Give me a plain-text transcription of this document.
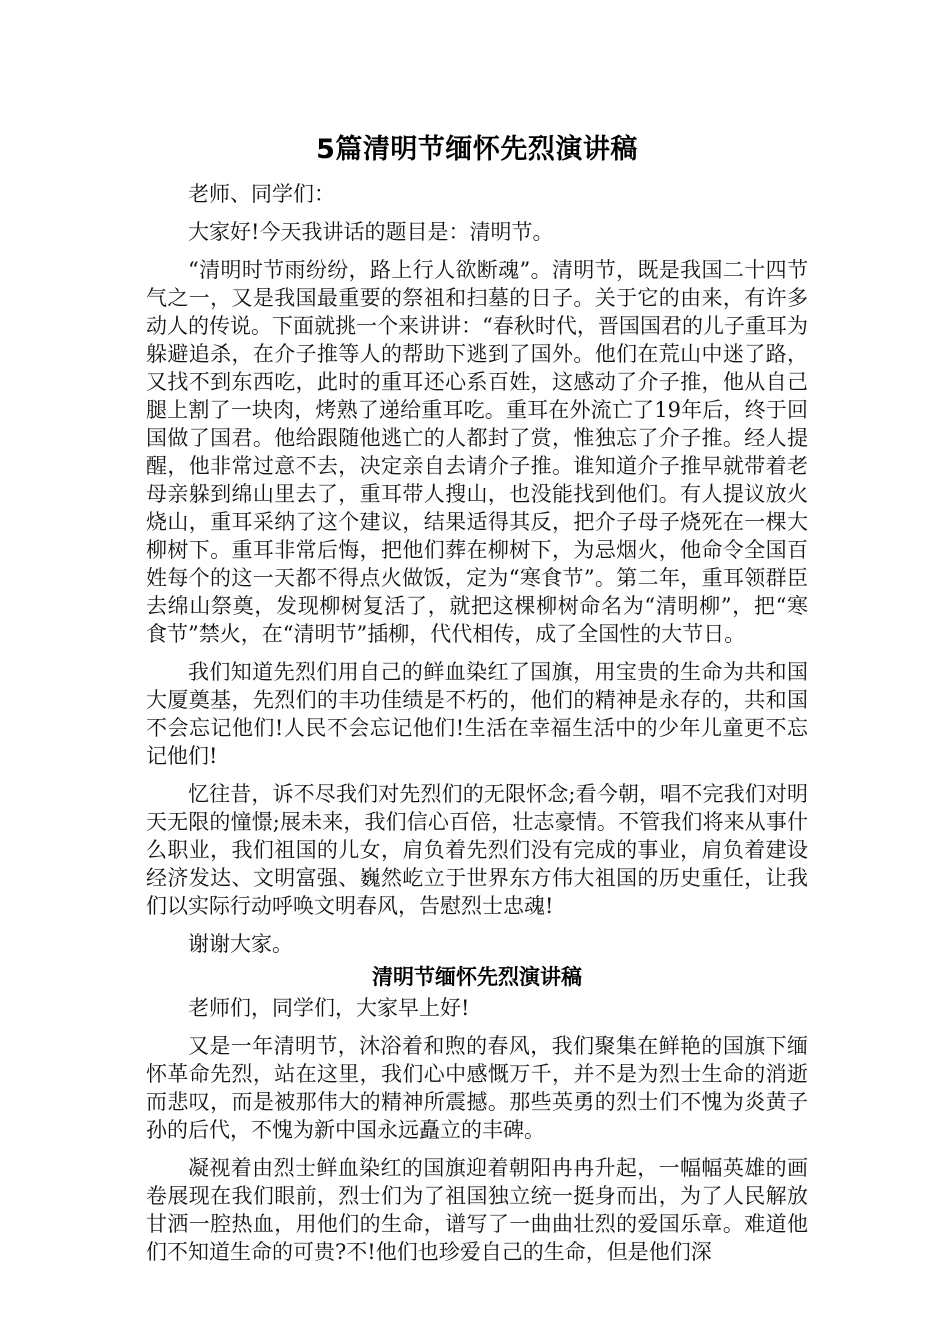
5篇清明节缅怀先烈演讲稿

老师、同学们：

大家好!今天我讲话的题目是：清明节。

“清明时节雨纷纷，路上行人欲断魂”。清明节，既是我国二十四节气之一，又是我国最重要的祭祖和扫墓的日子。关于它的由来，有许多动人的传说。下面就挑一个来讲讲：“春秋时代，晋国国君的儿子重耳为躲避追杀，在介子推等人的帮助下逃到了国外。他们在荒山中迷了路，又找不到东西吃，此时的重耳还心系百姓，这感动了介子推，他从自己腿上割了一块肉，烤熟了递给重耳吃。重耳在外流亡了19年后，终于回国做了国君。他给跟随他逃亡的人都封了赏，惟独忘了介子推。经人提醒，他非常过意不去，决定亲自去请介子推。谁知道介子推早就带着老母亲躲到绵山里去了，重耳带人搜山，也没能找到他们。有人提议放火烧山，重耳采纳了这个建议，结果适得其反，把介子母子烧死在一棵大柳树下。重耳非常后悔，把他们葬在柳树下，为忌烟火，他命令全国百姓每个的这一天都不得点火做饭，定为“寒食节”。第二年，重耳领群臣去绵山祭奠，发现柳树复活了，就把这棵柳树命名为“清明柳”，把“寒食节”禁火，在“清明节”插柳，代代相传，成了全国性的大节日。

我们知道先烈们用自己的鲜血染红了国旗，用宝贵的生命为共和国大厦奠基，先烈们的丰功佳绩是不朽的，他们的精神是永存的，共和国不会忘记他们!人民不会忘记他们!生活在幸福生活中的少年儿童更不忘记他们!

忆往昔，诉不尽我们对先烈们的无限怀念;看今朝，唱不完我们对明天无限的憧憬;展未来，我们信心百倍，壮志豪情。不管我们将来从事什么职业，我们祖国的儿女，肩负着先烈们没有完成的事业，肩负着建设经济发达、文明富强、巍然屹立于世界东方伟大祖国的历史重任，让我们以实际行动呼唤文明春风，告慰烈士忠魂!

谢谢大家。

清明节缅怀先烈演讲稿

老师们，同学们，大家早上好!

又是一年清明节，沐浴着和煦的春风，我们聚集在鲜艳的国旗下缅怀革命先烈，站在这里，我们心中感慨万千，并不是为烈士生命的消逝而悲叹，而是被那伟大的精神所震撼。那些英勇的烈士们不愧为炎黄子孙的后代，不愧为新中国永远矗立的丰碑。

凝视着由烈士鲜血染红的国旗迎着朝阳冉冉升起，一幅幅英雄的画卷展现在我们眼前，烈士们为了祖国独立统一挺身而出，为了人民解放甘洒一腔热血，用他们的生命，谱写了一曲曲壮烈的爱国乐章。难道他们不知道生命的可贵?不!他们也珍爱自己的生命，但是他们深
